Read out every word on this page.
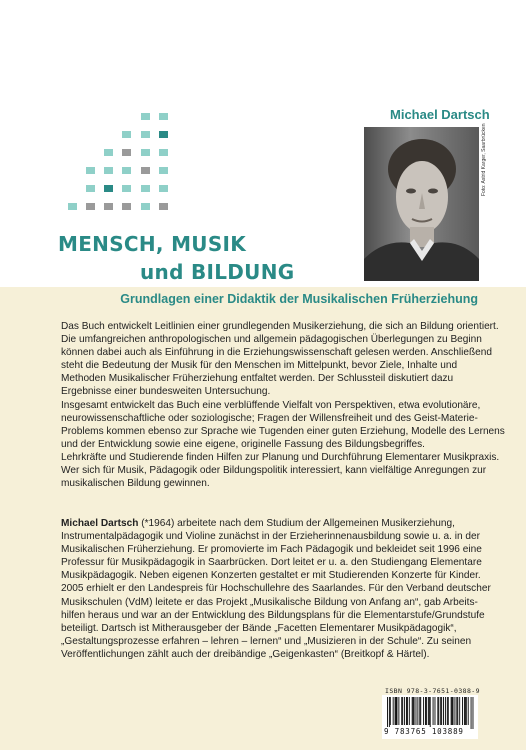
MENSCH, MUSIK
und BILDUNG
Michael Dartsch
Foto: Astrid Karger, Saarbrücken
Grundlagen einer Didaktik der Musikalischen Früherziehung
Das Buch entwickelt Leitlinien einer grundlegenden Musikerziehung, die sich an Bildung orientiert.
Die umfangreichen anthropologischen und allgemein pädagogischen Überlegungen zu Beginn
können dabei auch als Einführung in die Erziehungswissenschaft gelesen werden. Anschließend
steht die Bedeutung der Musik für den Menschen im Mittelpunkt, bevor Ziele, Inhalte und
Methoden Musikalischer Früherziehung entfaltet werden. Der Schlussteil diskutiert dazu
Ergebnisse einer bundesweiten Untersuchung.
Insgesamt entwickelt das Buch eine verblüffende Vielfalt von Perspektiven, etwa evolutionäre,
neurowissenschaftliche oder soziologische; Fragen der Willensfreiheit und des Geist-Materie-
Problems kommen ebenso zur Sprache wie Tugenden einer guten Erziehung, Modelle des Lernens
und der Entwicklung sowie eine eigene, originelle Fassung des Bildungsbegriffes.
Lehrkräfte und Studierende finden Hilfen zur Planung und Durchführung Elementarer Musikpraxis.
Wer sich für Musik, Pädagogik oder Bildungspolitik interessiert, kann vielfältige Anregungen zur
musikalischen Bildung gewinnen.
Michael Dartsch (*1964) arbeitete nach dem Studium der Allgemeinen Musikerziehung,
Instrumentalpädagogik und Violine zunächst in der Erzieherinnenausbildung sowie u. a. in der
Musikalischen Früherziehung. Er promovierte im Fach Pädagogik und bekleidet seit 1996 eine
Professur für Musikpädagogik in Saarbrücken. Dort leitet er u. a. den Studiengang Elementare
Musikpädagogik. Neben eigenen Konzerten gestaltet er mit Studierenden Konzerte für Kinder.
2005 erhielt er den Landespreis für Hochschullehre des Saarlandes. Für den Verband deutscher
Musikschulen (VdM) leitete er das Projekt „Musikalische Bildung von Anfang an“, gab Arbeits-
hilfen heraus und war an der Entwicklung des Bildungsplans für die Elementarstufe/Grundstufe
beteiligt. Dartsch ist Mitherausgeber der Bände „Facetten Elementarer Musikpädagogik“,
„Gestaltungsprozesse erfahren – lehren – lernen“ und „Musizieren in der Schule“. Zu seinen
Veröffentlichungen zählt auch der dreibändige „Geigenkasten“ (Breitkopf & Härtel).
ISBN 978-3-7651-0388-9
9 783765 103889
